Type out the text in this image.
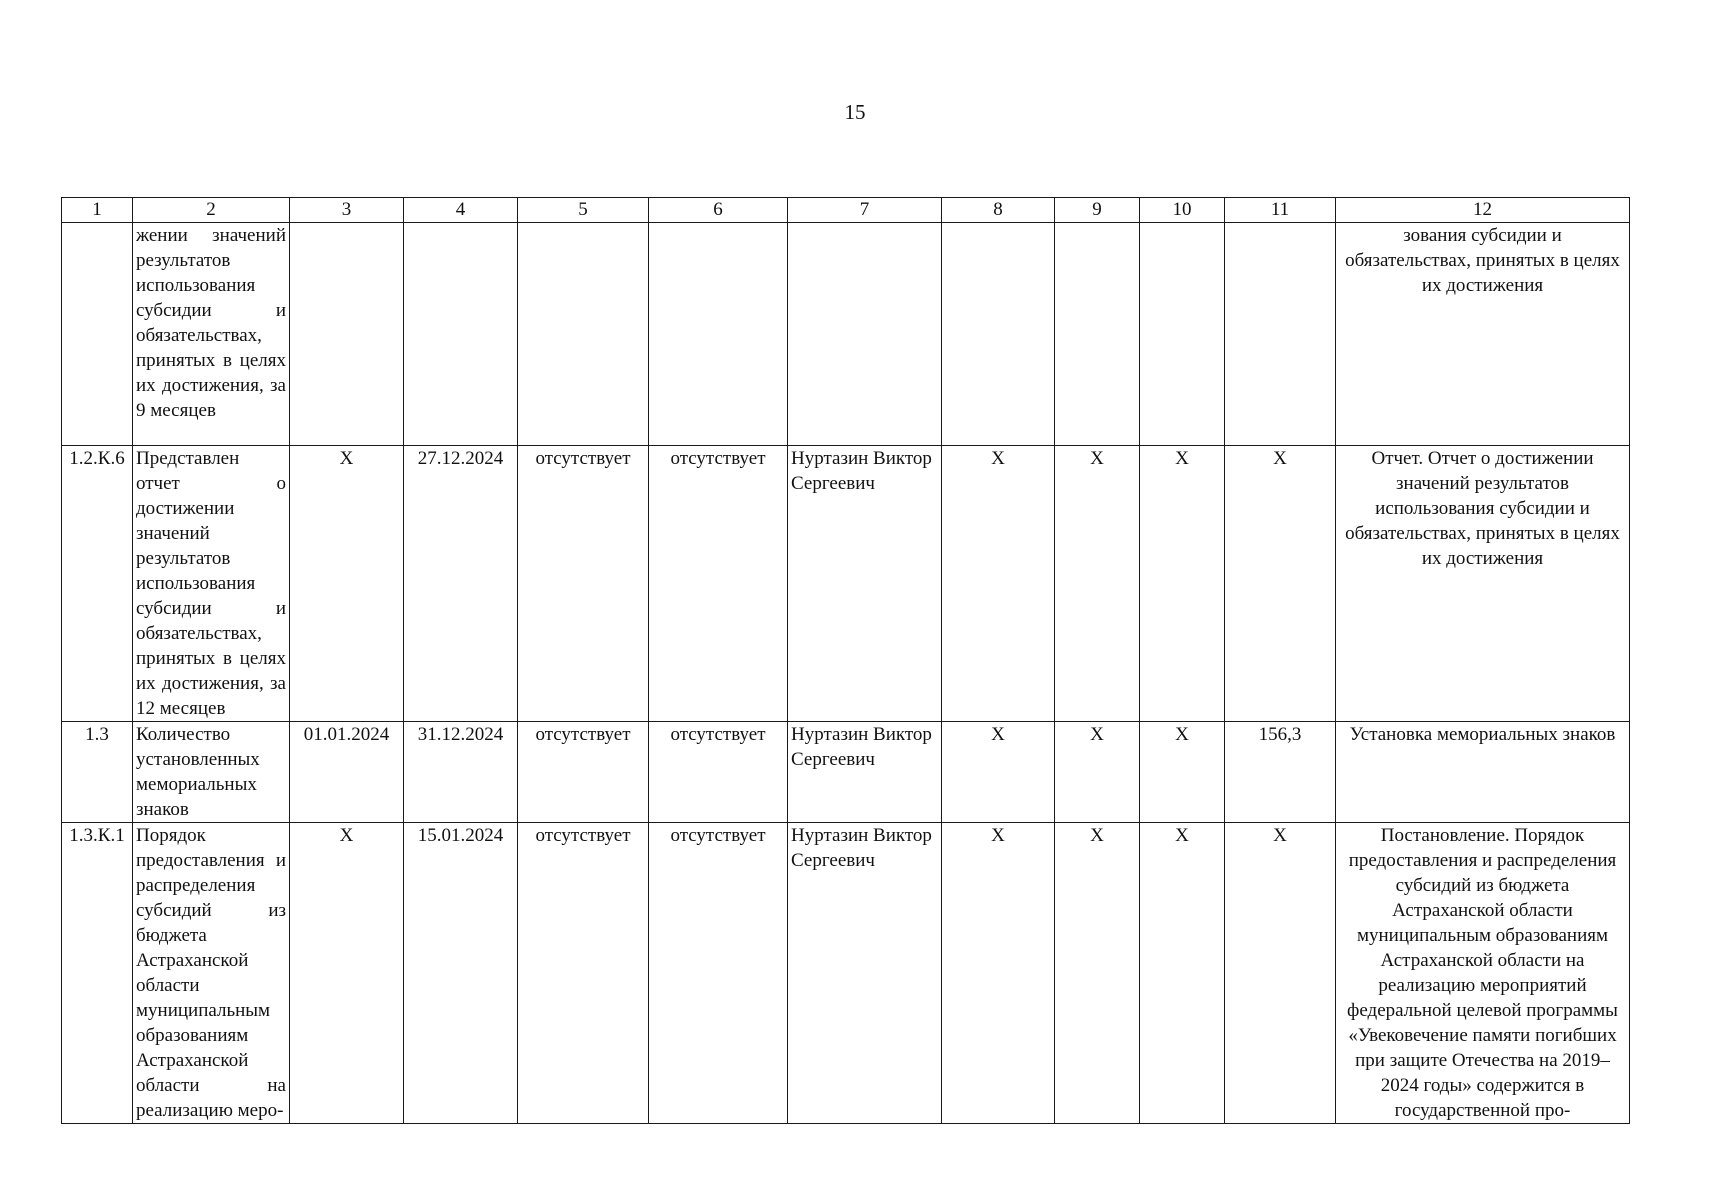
15
1	2	3	4	5	6	7	8	9	10	11	12
	жении значений результатов использования субсидии и обязательствах, принятых в целях их достижения, за 9 месяцев										зования субсидии и обязательствах, принятых в целях их достижения
1.2.К.6	Представлен отчет о достижении значений результатов использования субсидии и обязательствах, принятых в целях их достижения, за 12 месяцев	X	27.12.2024	отсутствует	отсутствует	Нуртазин Виктор Сергеевич	X	X	X	X	Отчет. Отчет о достижении значений результатов использования субсидии и обязательствах, принятых в целях их достижения
1.3	Количество установленных мемориальных знаков	01.01.2024	31.12.2024	отсутствует	отсутствует	Нуртазин Виктор Сергеевич	X	X	X	156,3	Установка мемориальных знаков
1.3.К.1	Порядок предоставления и распределения субсидий из бюджета Астраханской области муниципальным образованиям Астраханской области на реализацию меро-	X	15.01.2024	отсутствует	отсутствует	Нуртазин Виктор Сергеевич	X	X	X	X	Постановление. Порядок предоставления и распределения субсидий из бюджета Астраханской области муниципальным образованиям Астраханской области на реализацию мероприятий федеральной целевой программы «Увековечение памяти погибших при защите Отечества на 2019–2024 годы» содержится в государственной про-
